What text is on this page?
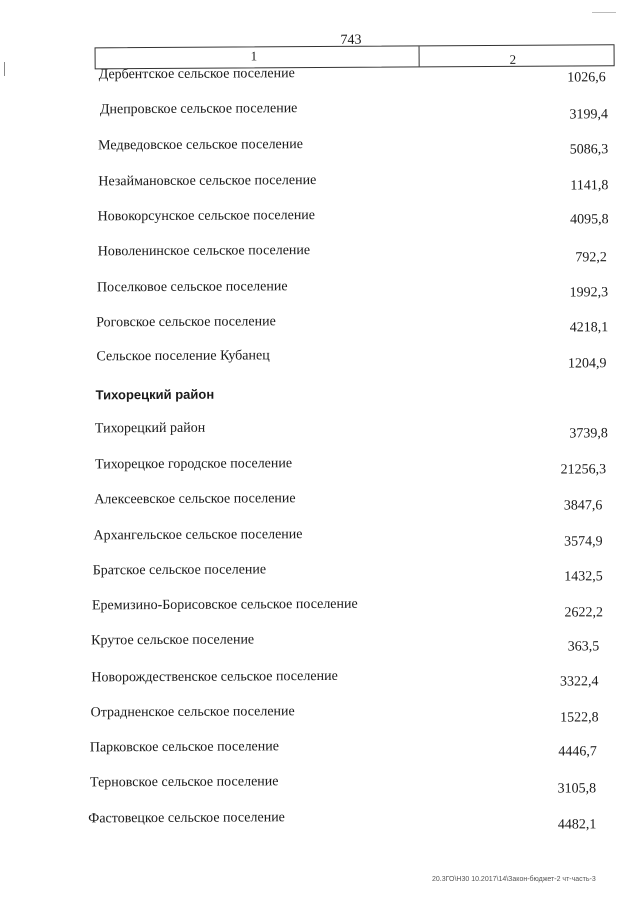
743
1	2
Дербентское сельское поселение	1026,6
Днепровское сельское поселение	3199,4
Медведовское сельское поселение	5086,3
Незаймановское сельское поселение	1141,8
Новокорсунское сельское поселение	4095,8
Новоленинское сельское поселение	792,2
Поселковое сельское поселение	1992,3
Роговское сельское поселение	4218,1
Сельское поселение Кубанец	1204,9
Тихорецкий район
Тихорецкий район	3739,8
Тихорецкое городское поселение	21256,3
Алексеевское сельское поселение	3847,6
Архангельское сельское поселение	3574,9
Братское сельское поселение	1432,5
Еремизино-Борисовское сельское поселение	2622,2
Крутое сельское поселение	363,5
Новорождественское сельское поселение	3322,4
Отрадненское сельское поселение	1522,8
Парковское сельское поселение	4446,7
Терновское сельское поселение	3105,8
Фастовецкое сельское поселение	4482,1
20.3ГО\Н30 10.2017\14\Закон-бюджет-2 чт-часть-3
